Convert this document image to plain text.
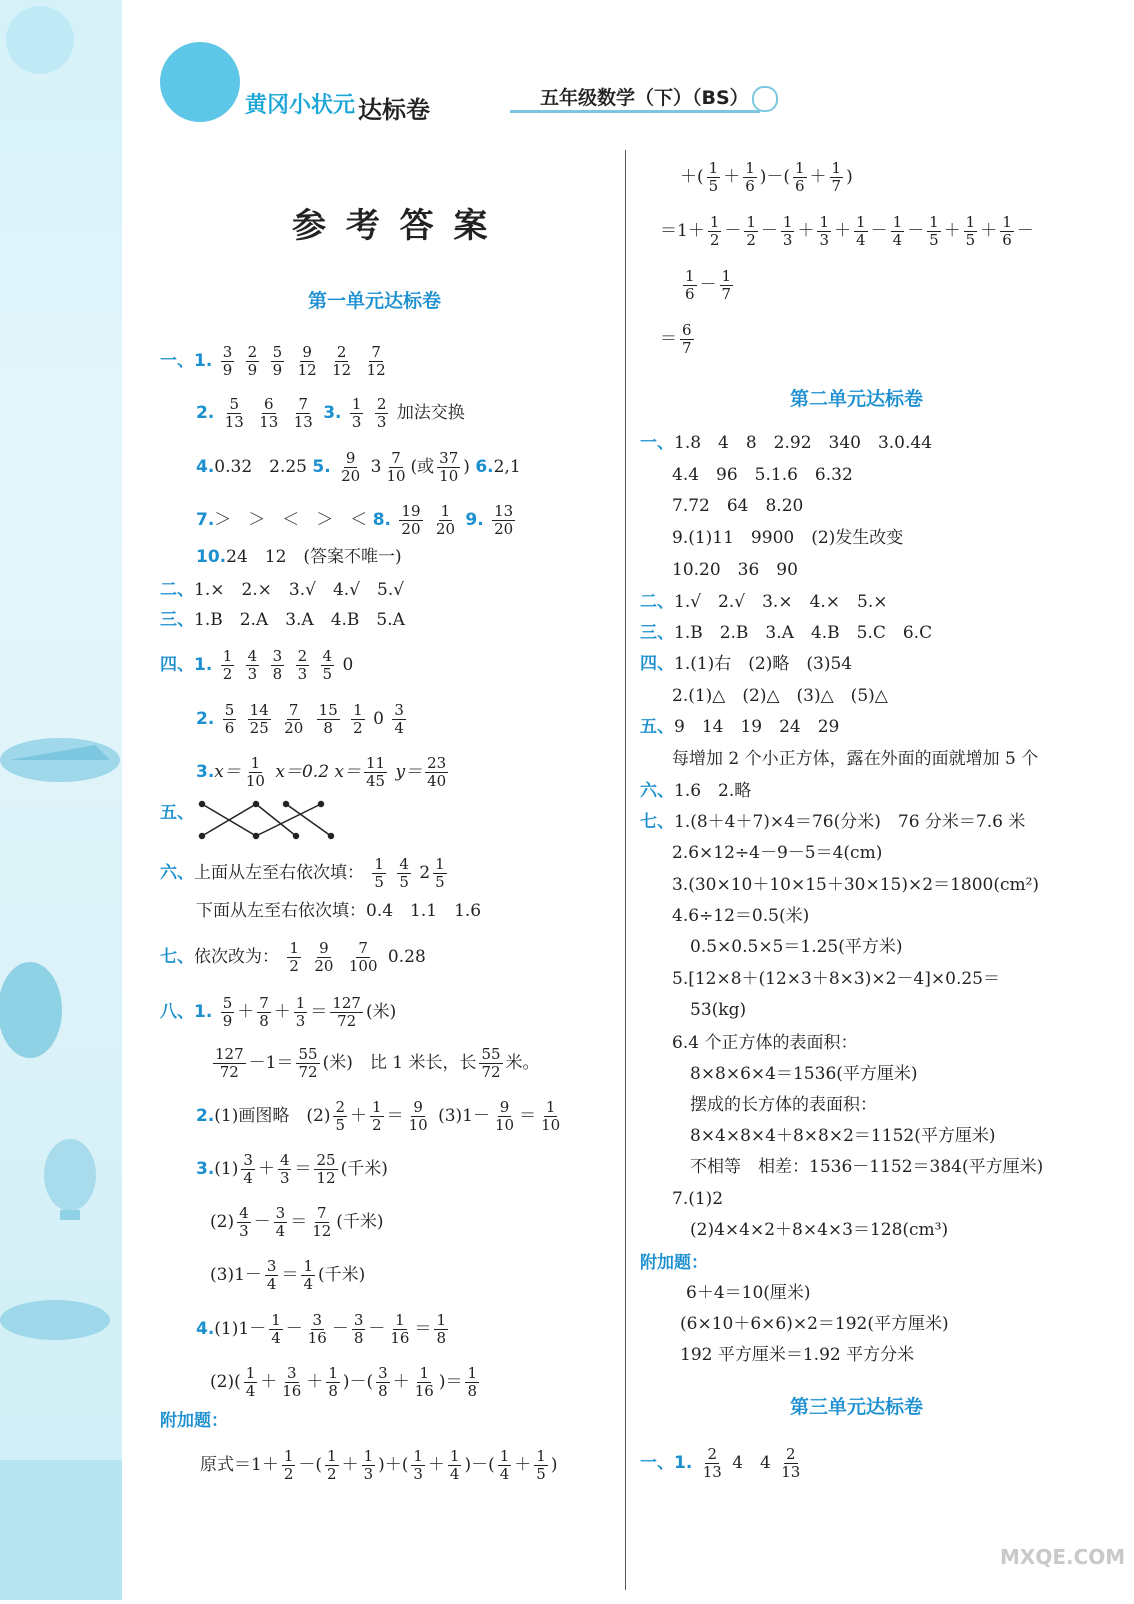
黄冈小状元 达标卷	五年级数学（下）（BS）
参 考 答 案
第一单元达标卷
一、1. $\frac{3}{9}$
$\frac{2}{9}$
$\frac{5}{9}$
$\frac{9}{12}$
$\frac{2}{12}$
$\frac{7}{12}$
2. $\frac{5}{13}$
$\frac{6}{13}$
$\frac{7}{13} 3$. $\frac{1}{3}$
$\frac{2}{3}$ 加法交换
4.0.32　2.25 5. $\frac{9}{20} 3 \frac{7}{10}$ (或 $\frac{37}{10}$ ) 6.2,1
7.＞　＞　＜　＞　＜ 8. $\frac{19}{20}$
$\frac{1}{20} 9$. $\frac{13}{20}$
10.24　12　(答案不唯一)
二、1.×　2.×　3.√　4.√　5.√
三、1.B　2.A　3.A　4.B　5.A
四、1. $\frac{1}{2}$
$\frac{4}{3}$
$\frac{3}{8}$
$\frac{2}{3}$
$\frac{4}{5} 0$
2. $\frac{5}{6}$
$\frac{14}{25}$
$\frac{7}{20}$
$\frac{15}{8}$
$\frac{1}{2} 0 \frac{3}{4}$
$3.x= \frac{1}{10} x=0.2$ $x= \frac{11}{45} y= \frac{23}{40}$
五、
六、上面从左至右依次填： $\frac{1}{5}$
$\frac{4}{5} 2 \frac{1}{5}$
下面从左至右依次填：0.4　1.1　1.6
七、依次改为： $\frac{1}{2}$
$\frac{9}{20}$
$\frac{7}{100} 0.28$
八、1. $\frac{5}{9} + \frac{7}{8} + \frac{1}{3} = \frac{127}{72}$ (米)
$\frac{127}{72} -1= \frac{55}{72}$ (米)　比 1 米长，长 $\frac{55}{72}$ 米。
2.(1)画图略　$(2) \frac{2}{5} + \frac{1}{2} = \frac{9}{10} (3)1- \frac{9}{10} = \frac{1}{10}$
$3.(1) \frac{3}{4} + \frac{4}{3} = \frac{25}{12}$ (千米)
$(2) \frac{4}{3} - \frac{3}{4} = \frac{7}{12}$ (千米)
$(3)1- \frac{3}{4} = \frac{1}{4}$ (千米)
$4.(1)1- \frac{1}{4} - \frac{3}{16} - \frac{3}{8} - \frac{1}{16} = \frac{1}{8}$
$(2)( \frac{1}{4} + \frac{3}{16} + \frac{1}{8}$ )－( $\frac{3}{8} + \frac{1}{16}$ )＝ $\frac{1}{8}$
附加题：
原式$=1+ \frac{1}{2}$ －( $\frac{1}{2} + \frac{1}{3}$ )＋( $\frac{1}{3} + \frac{1}{4}$ )－( $\frac{1}{4} + \frac{1}{5}$ )
＋( $\frac{1}{5} + \frac{1}{6}$ )－( $\frac{1}{6} + \frac{1}{7}$ )
$=1+ \frac{1}{2} - \frac{1}{2} - \frac{1}{3} + \frac{1}{3} + \frac{1}{4} - \frac{1}{4} - \frac{1}{5} + \frac{1}{5} + \frac{1}{6}$ －
$\frac{1}{6} - \frac{1}{7}$
＝ $\frac{6}{7}$
第二单元达标卷
一、1.8　4　8　2.92　340　3.0.44
4.4　96　5.1.6　6.32
7.72　64　8.20
9.(1)11　9900　(2)发生改变
10.20　36　90
二、1.√　2.√　3.×　4.×　5.×
三、1.B　2.B　3.A　4.B　5.C　6.C
四、1.(1)右　(2)略　(3)54
2.(1)△　(2)△　(3)△　(5)△
五、9　14　19　24　29
每增加 2 个小正方体，露在外面的面就增加 5 个
六、1.6　2.略
七、1.(8＋4＋7)×4＝76(分米)　76 分米＝7.6 米
2.6×12÷4－9－5＝4(cm)
3.(30×10＋10×15＋30×15)×2＝1800(cm²)
4.6÷12＝0.5(米)
0.5×0.5×5＝1.25(平方米)
5.[12×8＋(12×3＋8×3)×2－4]×0.25＝
53(kg)
6.4 个正方体的表面积：
8×8×6×4＝1536(平方厘米)
摆成的长方体的表面积：
8×4×8×4＋8×8×2＝1152(平方厘米)
不相等　相差：1536－1152＝384(平方厘米)
7.(1)2
(2)4×4×2＋8×4×3＝128(cm³)
附加题：
6＋4＝10(厘米)
(6×10＋6×6)×2＝192(平方厘米)
192 平方厘米＝1.92 平方分米
第三单元达标卷
一、1. $\frac{2}{13} 4$　$4 \frac{2}{13}$
MXQE.COM
